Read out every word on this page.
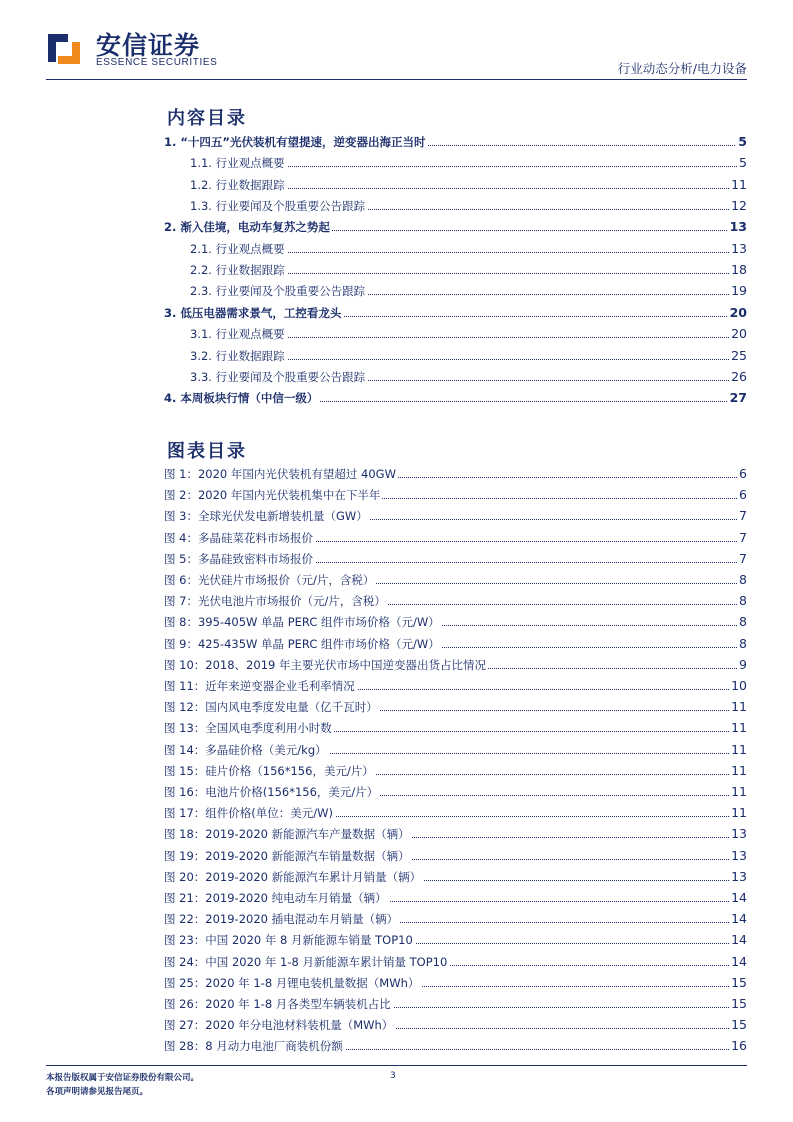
安信证券
ESSENCE SECURITIES	行业动态分析/电力设备
内容目录
1. “十四五”光伏装机有望提速，逆变器出海正当时	5
1.1. 行业观点概要	5
1.2. 行业数据跟踪	11
1.3. 行业要闻及个股重要公告跟踪	12
2. 渐入佳境，电动车复苏之势起	13
2.1. 行业观点概要	13
2.2. 行业数据跟踪	18
2.3. 行业要闻及个股重要公告跟踪	19
3. 低压电器需求景气，工控看龙头	20
3.1. 行业观点概要	20
3.2. 行业数据跟踪	25
3.3. 行业要闻及个股重要公告跟踪	26
4. 本周板块行情（中信一级）	27
图表目录
图 1：2020 年国内光伏装机有望超过 40GW	6
图 2：2020 年国内光伏装机集中在下半年	6
图 3：全球光伏发电新增装机量（GW）	7
图 4：多晶硅菜花料市场报价	7
图 5：多晶硅致密料市场报价	7
图 6：光伏硅片市场报价（元/片，含税）	8
图 7：光伏电池片市场报价（元/片，含税）	8
图 8：395-405W 单晶 PERC 组件市场价格（元/W）	8
图 9：425-435W 单晶 PERC 组件市场价格（元/W）	8
图 10：2018、2019 年主要光伏市场中国逆变器出货占比情况	9
图 11：近年来逆变器企业毛利率情况	10
图 12：国内风电季度发电量（亿千瓦时）	11
图 13：全国风电季度利用小时数	11
图 14：多晶硅价格（美元/kg）	11
图 15：硅片价格（156*156，美元/片）	11
图 16：电池片价格(156*156，美元/片）	11
图 17：组件价格(单位：美元/W)	11
图 18：2019-2020 新能源汽车产量数据（辆）	13
图 19：2019-2020 新能源汽车销量数据（辆）	13
图 20：2019-2020 新能源汽车累计月销量（辆）	13
图 21：2019-2020 纯电动车月销量（辆）	14
图 22：2019-2020 插电混动车月销量（辆）	14
图 23：中国 2020 年 8 月新能源车销量 TOP10	14
图 24：中国 2020 年 1-8 月新能源车累计销量 TOP10	14
图 25：2020 年 1-8 月锂电装机量数据（MWh）	15
图 26：2020 年 1-8 月各类型车辆装机占比	15
图 27：2020 年分电池材料装机量（MWh）	15
图 28：8 月动力电池厂商装机份额	16
本报告版权属于安信证券股份有限公司。
各项声明请参见报告尾页。
3
